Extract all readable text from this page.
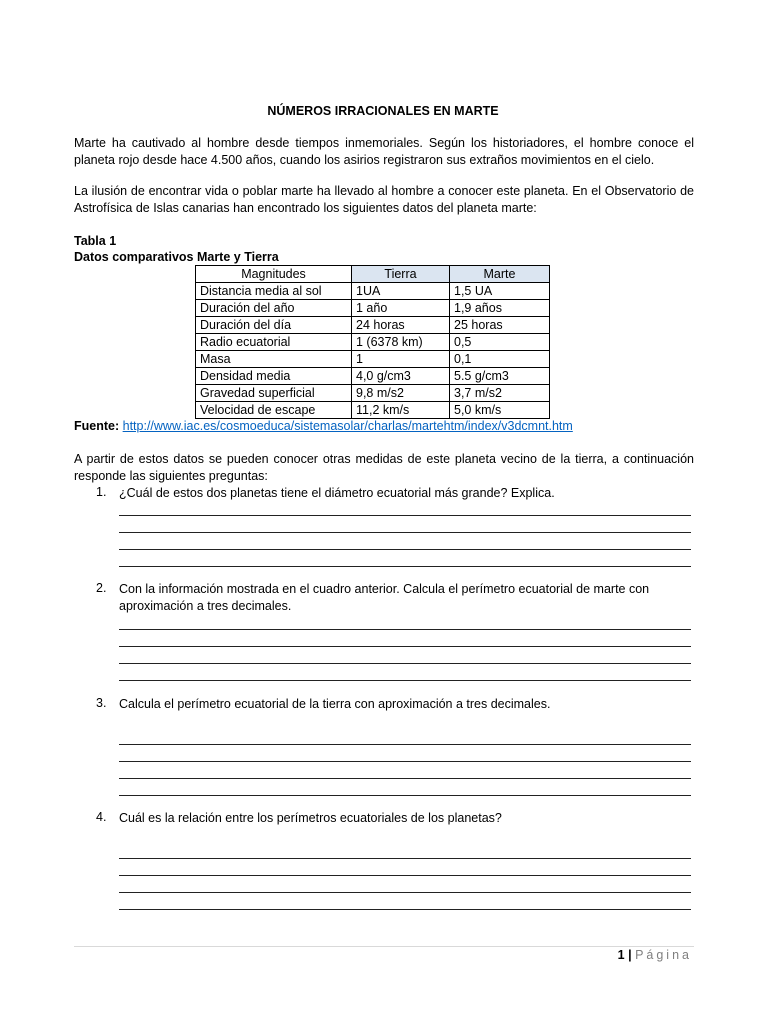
NÚMEROS IRRACIONALES EN MARTE
Marte ha cautivado al hombre desde tiempos inmemoriales. Según los historiadores, el hombre conoce el planeta rojo desde hace 4.500 años, cuando los asirios registraron sus extraños movimientos en el cielo.
La ilusión de encontrar vida o poblar marte ha llevado al hombre a conocer este planeta. En el Observatorio de Astrofísica de Islas canarias han encontrado los siguientes datos del planeta marte:
Tabla 1
Datos comparativos Marte y Tierra
Magnitudes	Tierra	Marte
Distancia media al sol	1UA	1,5 UA
Duración del año	1 año	1,9 años
Duración del día	24 horas	25 horas
Radio ecuatorial	1 (6378 km)	0,5
Masa	1	0,1
Densidad media	4,0 g/cm3	5.5 g/cm3
Gravedad superficial	9,8 m/s2	3,7 m/s2
Velocidad de escape	11,2 km/s	5,0 km/s
Fuente: http://www.iac.es/cosmoeduca/sistemasolar/charlas/martehtm/index/v3dcmnt.htm
A partir de estos datos se pueden conocer otras medidas de este planeta vecino de la tierra, a continuación responde las siguientes preguntas:
1. ¿Cuál de estos dos planetas tiene el diámetro ecuatorial más grande? Explica.
2. Con la información mostrada en el cuadro anterior. Calcula el perímetro ecuatorial de marte con aproximación a tres decimales.
3. Calcula el perímetro ecuatorial de la tierra con aproximación a tres decimales.
4. Cuál es la relación entre los perímetros ecuatoriales de los planetas?
1 | Página
